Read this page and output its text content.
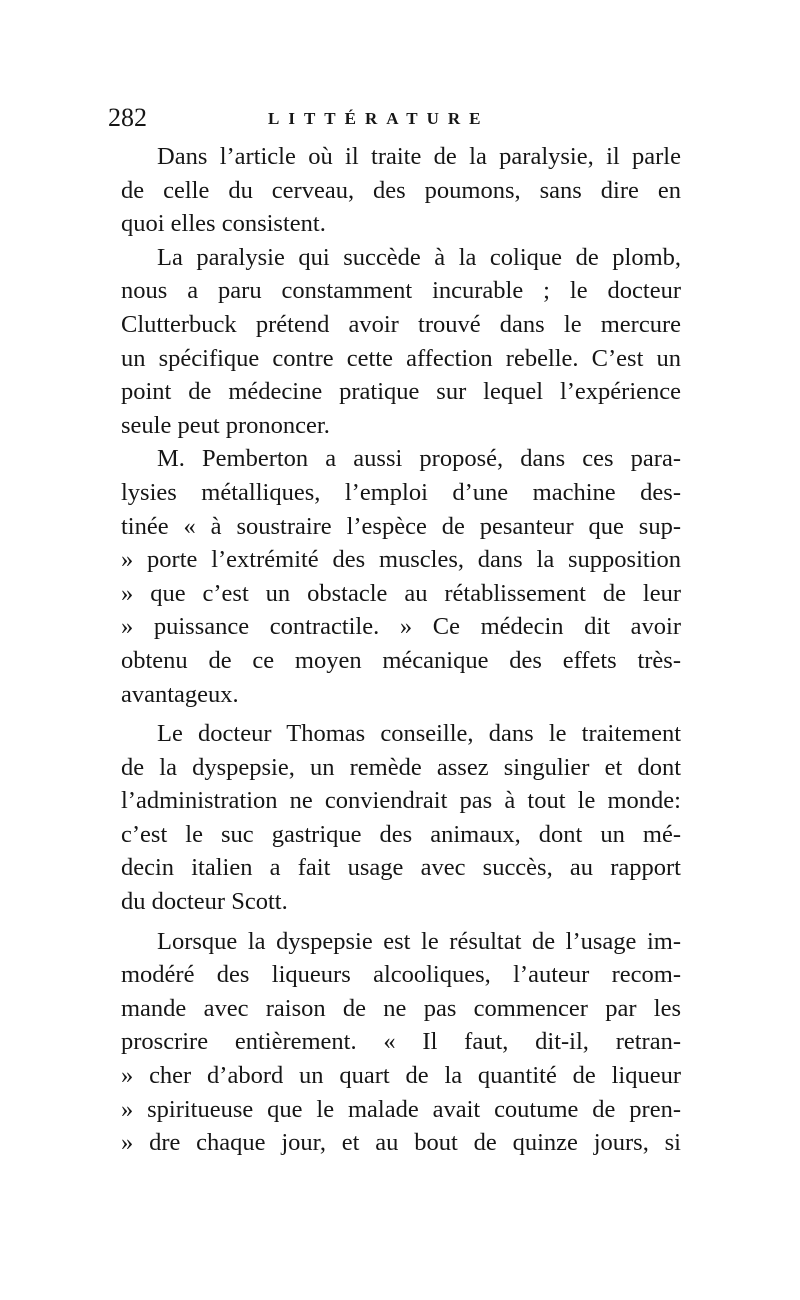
282	LITTÉRATURE
Dans l’article où il traite de la paralysie, il parle
de celle du cerveau, des poumons, sans dire en
quoi elles consistent.
La paralysie qui succède à la colique de plomb,
nous a paru constamment incurable ; le docteur
Clutterbuck prétend avoir trouvé dans le mercure
un spécifique contre cette affection rebelle. C’est un
point de médecine pratique sur lequel l’expérience
seule peut prononcer.
M. Pemberton a aussi proposé, dans ces para-
lysies métalliques, l’emploi d’une machine des-
tinée « à soustraire l’espèce de pesanteur que sup-
» porte l’extrémité des muscles, dans la supposition
» que c’est un obstacle au rétablissement de leur
» puissance contractile. » Ce médecin dit avoir
obtenu de ce moyen mécanique des effets très-
avantageux.
Le docteur Thomas conseille, dans le traitement
de la dyspepsie, un remède assez singulier et dont
l’administration ne conviendrait pas à tout le monde:
c’est le suc gastrique des animaux, dont un mé-
decin italien a fait usage avec succès, au rapport
du docteur Scott.
Lorsque la dyspepsie est le résultat de l’usage im-
modéré des liqueurs alcooliques, l’auteur recom-
mande avec raison de ne pas commencer par les
proscrire entièrement. « Il faut, dit-il, retran-
» cher d’abord un quart de la quantité de liqueur
» spiritueuse que le malade avait coutume de pren-
» dre chaque jour, et au bout de quinze jours, si
